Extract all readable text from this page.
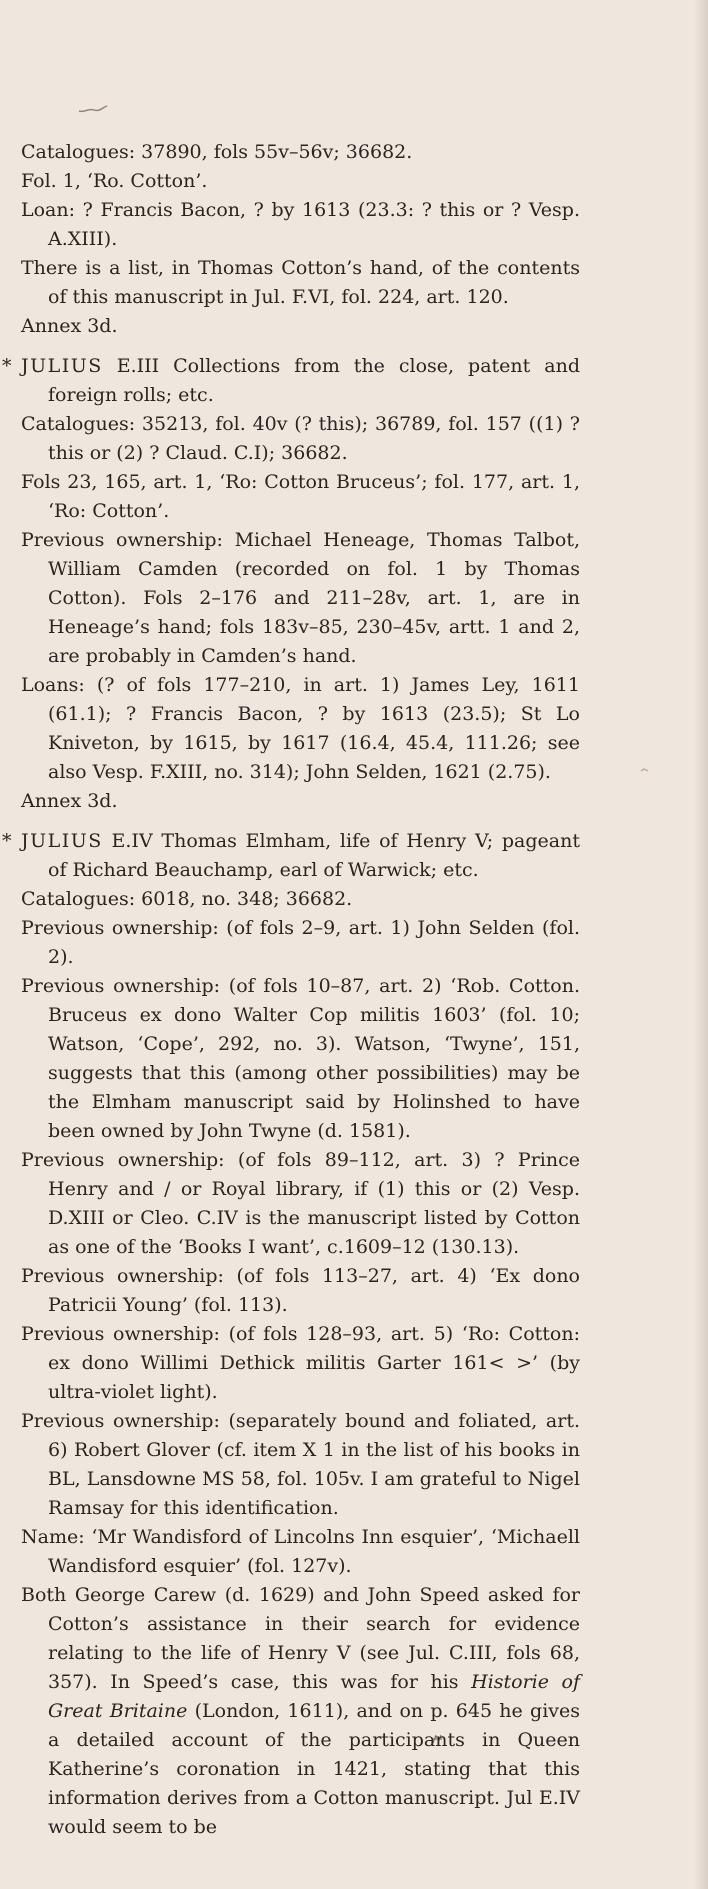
Catalogues: 37890, fols 55v–56v; 36682.

Fol. 1, ‘Ro. Cotton’.

Loan: ? Francis Bacon, ? by 1613 (23.3: ? this or ? Vesp. A.XIII).

There is a list, in Thomas Cotton’s hand, of the contents of this manuscript in Jul. F.VI, fol. 224, art. 120.

Annex 3d.

* JULIUS E.III Collections from the close, patent and foreign rolls; etc.

Catalogues: 35213, fol. 40v (? this); 36789, fol. 157 ((1) ? this or (2) ? Claud. C.I); 36682.

Fols 23, 165, art. 1, ‘Ro: Cotton Bruceus’; fol. 177, art. 1, ‘Ro: Cotton’.

Previous ownership: Michael Heneage, Thomas Talbot, William Camden (recorded on fol. 1 by Thomas Cotton). Fols 2–176 and 211–28v, art. 1, are in Heneage’s hand; fols 183v–85, 230–45v, artt. 1 and 2, are probably in Camden’s hand.

Loans: (? of fols 177–210, in art. 1) James Ley, 1611 (61.1); ? Francis Bacon, ? by 1613 (23.5); St Lo Kniveton, by 1615, by 1617 (16.4, 45.4, 111.26; see also Vesp. F.XIII, no. 314); John Selden, 1621 (2.75).

Annex 3d.

* JULIUS E.IV Thomas Elmham, life of Henry V; pageant of Richard Beauchamp, earl of Warwick; etc.

Catalogues: 6018, no. 348; 36682.

Previous ownership: (of fols 2–9, art. 1) John Selden (fol. 2).

Previous ownership: (of fols 10–87, art. 2) ‘Rob. Cotton. Bruceus ex dono Walter Cop militis 1603’ (fol. 10; Watson, ‘Cope’, 292, no. 3). Watson, ‘Twyne’, 151, suggests that this (among other possibilities) may be the Elmham manuscript said by Holinshed to have been owned by John Twyne (d. 1581).

Previous ownership: (of fols 89–112, art. 3) ? Prince Henry and / or Royal library, if (1) this or (2) Vesp. D.XIII or Cleo. C.IV is the manuscript listed by Cotton as one of the ‘Books I want’, c.1609–12 (130.13).

Previous ownership: (of fols 113–27, art. 4) ‘Ex dono Patricii Young’ (fol. 113).

Previous ownership: (of fols 128–93, art. 5) ‘Ro: Cotton: ex dono Willimi Dethick militis Garter 161< >’ (by ultra-violet light).

Previous ownership: (separately bound and foliated, art. 6) Robert Glover (cf. item X 1 in the list of his books in BL, Lansdowne MS 58, fol. 105v. I am grateful to Nigel Ramsay for this identification.

Name: ‘Mr Wandisford of Lincolns Inn esquier’, ‘Michaell Wandisford esquier’ (fol. 127v).

Both George Carew (d. 1629) and John Speed asked for Cotton’s assistance in their search for evidence relating to the life of Henry V (see Jul. C.III, fols 68, 357). In Speed’s case, this was for his Historie of Great Britaine (London, 1611), and on p. 645 he gives a detailed account of the participants in Queen Katherine’s coronation in 1421, stating that this information derives from a Cotton manuscript. Jul E.IV would seem to be
